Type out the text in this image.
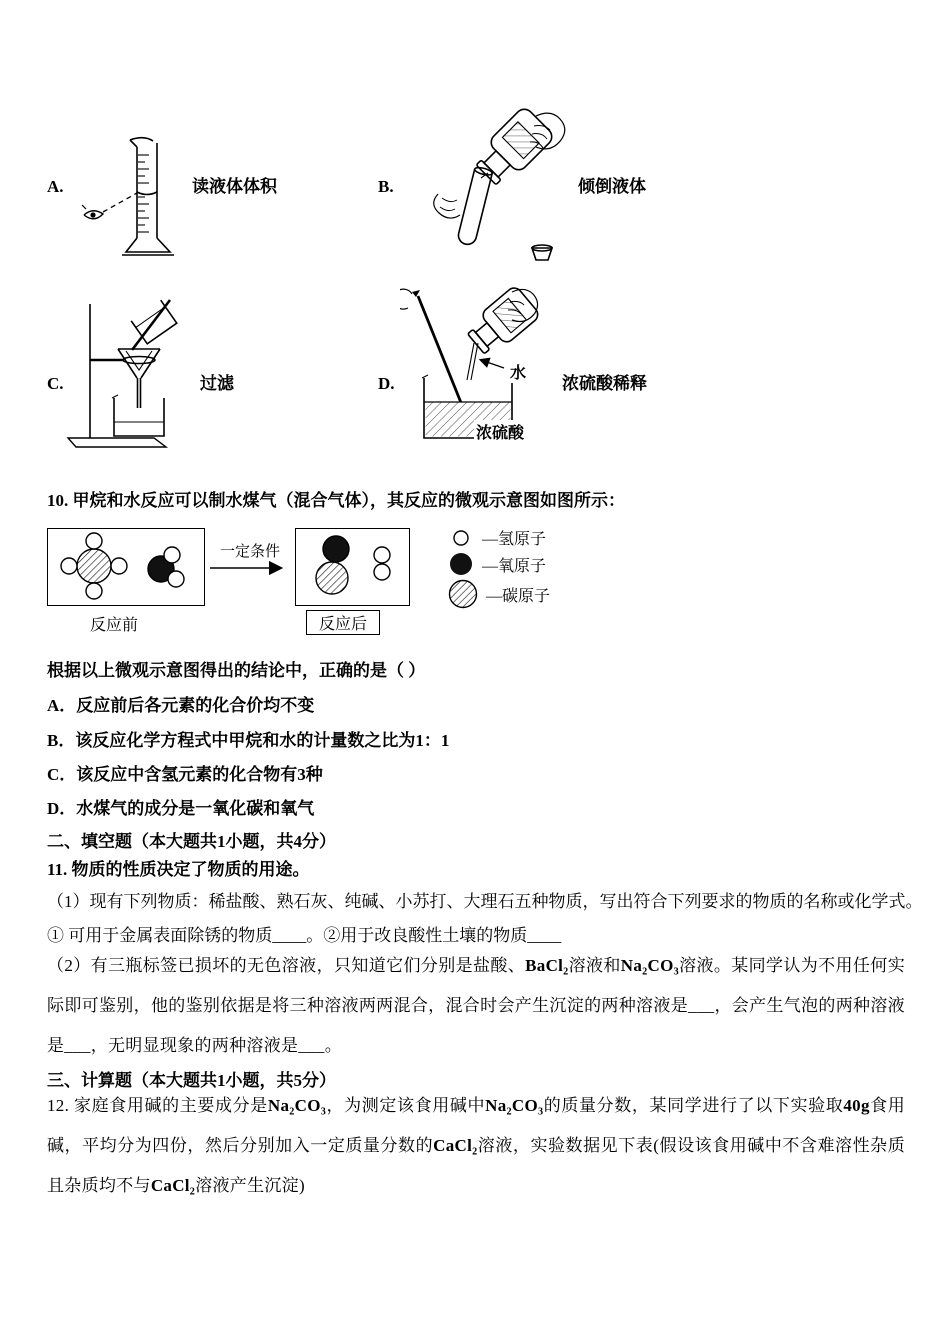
A.	读液体体积	B.	倾倒液体
C.	过滤	D.
水
浓硫酸
浓硫酸稀释
10. 甲烷和水反应可以制水煤气（混合气体），其反应的微观示意图如图所示：
一定条件
—氢原子
—氧原子
—碳原子
反应前	反应后
根据以上微观示意图得出的结论中，正确的是（ ）
A．反应前后各元素的化合价均不变
B．该反应化学方程式中甲烷和水的计量数之比为1：1
C．该反应中含氢元素的化合物有3种
D．水煤气的成分是一氧化碳和氧气
二、填空题（本大题共1小题，共4分）
11. 物质的性质决定了物质的用途。
（1）现有下列物质：稀盐酸、熟石灰、纯碱、小苏打、大理石五种物质，写出符合下列要求的物质的名称或化学式。
① 可用于金属表面除锈的物质____。②用于改良酸性土壤的物质____
（2）有三瓶标签已损坏的无色溶液，只知道它们分别是盐酸、BaCl₂溶液和Na₂CO₃溶液。某同学认为不用任何实际即可鉴别，他的鉴别依据是将三种溶液两两混合，混合时会产生沉淀的两种溶液是___，会产生气泡的两种溶液是___，无明显现象的两种溶液是___。
三、计算题（本大题共1小题，共5分）
12. 家庭食用碱的主要成分是Na₂CO₃，为测定该食用碱中Na₂CO₃的质量分数，某同学进行了以下实验取40g食用碱，平均分为四份，然后分别加入一定质量分数的CaCl₂溶液，实验数据见下表(假设该食用碱中不含难溶性杂质且杂质均不与CaCl₂溶液产生沉淀)
